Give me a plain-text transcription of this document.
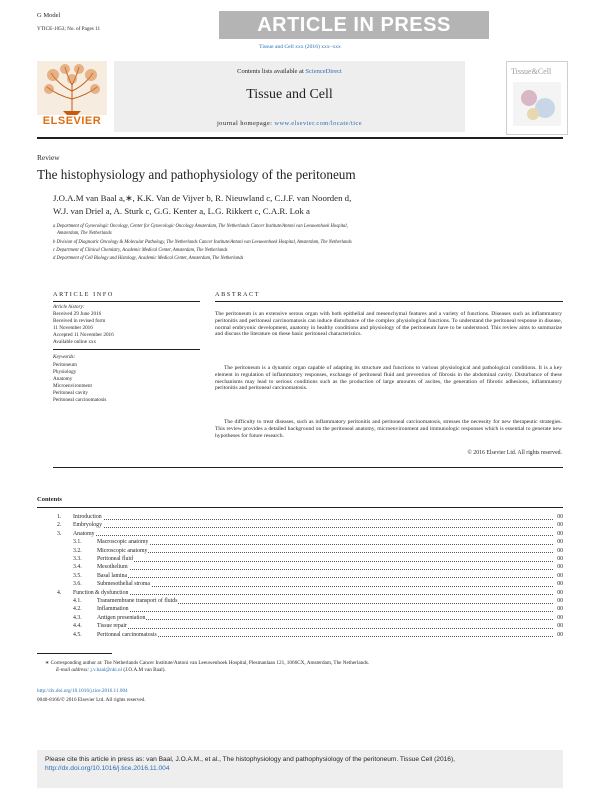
G Model
YTICE-1053; No. of Pages 11	ARTICLE IN PRESS
Tissue and Cell xxx (2016) xxx–xxx
ELSEVIER
Contents lists available at ScienceDirect
Tissue and Cell
journal homepage: www.elsevier.com/locate/tice
Tissue&Cell
Review
The histophysiology and pathophysiology of the peritoneum
J.O.A.M van Baal a,∗, K.K. Van de Vijver b, R. Nieuwland c, C.J.F. van Noorden d,
W.J. van Driel a, A. Sturk c, G.G. Kenter a, L.G. Rikkert c, C.A.R. Lok a
a Department of Gynecologic Oncology, Center for Gynecologic Oncology Amsterdam, The Netherlands Cancer Institute/Antoni van Leeuwenhoek Hospital,
Amsterdam, The Netherlands
b Division of Diagnostic Oncology & Molecular Pathology, The Netherlands Cancer Institute/Antoni van Leeuwenhoek Hospital, Amsterdam, The Netherlands
c Department of Clinical Chemistry, Academic Medical Center, Amsterdam, The Netherlands
d Department of Cell Biology and Histology, Academic Medical Center, Amsterdam, The Netherlands
ARTICLE INFO
Article history:
Received 29 June 2016
Received in revised form
11 November 2016
Accepted 11 November 2016
Available online xxx
Keywords:
Peritoneum
Physiology
Anatomy
Microenvironment
Peritoneal cavity
Peritoneal carcinomatosis
ABSTRACT
The peritoneum is an extensive serous organ with both epithelial and mesenchymal features and a variety of functions. Diseases such as inflammatory peritonitis and peritoneal carcinomatosis can induce disturbance of the complex physiological functions. To understand the peritoneal response in disease, normal embryonic development, anatomy in healthy conditions and physiology of the peritoneum have to be understood. This review aims to summarize and discuss the literature on these basic peritoneal characteristics.
The peritoneum is a dynamic organ capable of adapting its structure and functions to various physiological and pathological conditions. It is a key element in regulation of inflammatory responses, exchange of peritoneal fluid and prevention of fibrosis in the abdominal cavity. Disturbance of these mechanisms may lead to serious conditions such as the production of large amounts of ascites, the generation of fibrotic adhesions, inflammatory peritonitis and peritoneal carcinomatosis.
The difficulty to treat diseases, such as inflammatory peritonitis and peritoneal carcinomatosis, stresses the necessity for new therapeutic strategies. This review provides a detailed background on the peritoneal anatomy, microenvironment and immunologic responses which is essential to generate new hypotheses for future research.
© 2016 Elsevier Ltd. All rights reserved.
Contents
1. Introduction	00
2. Embryology	00
3. Anatomy	00
3.1.	Macroscopic anatomy	00
3.2.	Microscopic anatomy	00
3.3.	Peritoneal fluid	00
3.4.	Mesothelium	00
3.5.	Basal lamina	00
3.6.	Submesothelial stroma	00
4. Function & dysfunction	00
4.1.	Transmembrane transport of fluids	00
4.2.	Inflammation	00
4.3.	Antigen presentation	00
4.4.	Tissue repair	00
4.5.	Peritoneal carcinomatosis	00
∗ Corresponding author at: The Netherlands Cancer Institute/Antoni van Leeuwenhoek Hospital, Plesmanlaan 121, 1066CX, Amsterdam, The Netherlands.
E-mail address: j.v.baal@nki.nl (J.O.A.M van Baal).
http://dx.doi.org/10.1016/j.tice.2016.11.004
0040-8166/© 2016 Elsevier Ltd. All rights reserved.
Please cite this article in press as: van Baal, J.O.A.M., et al., The histophysiology and pathophysiology of the peritoneum. Tissue Cell (2016), http://dx.doi.org/10.1016/j.tice.2016.11.004
